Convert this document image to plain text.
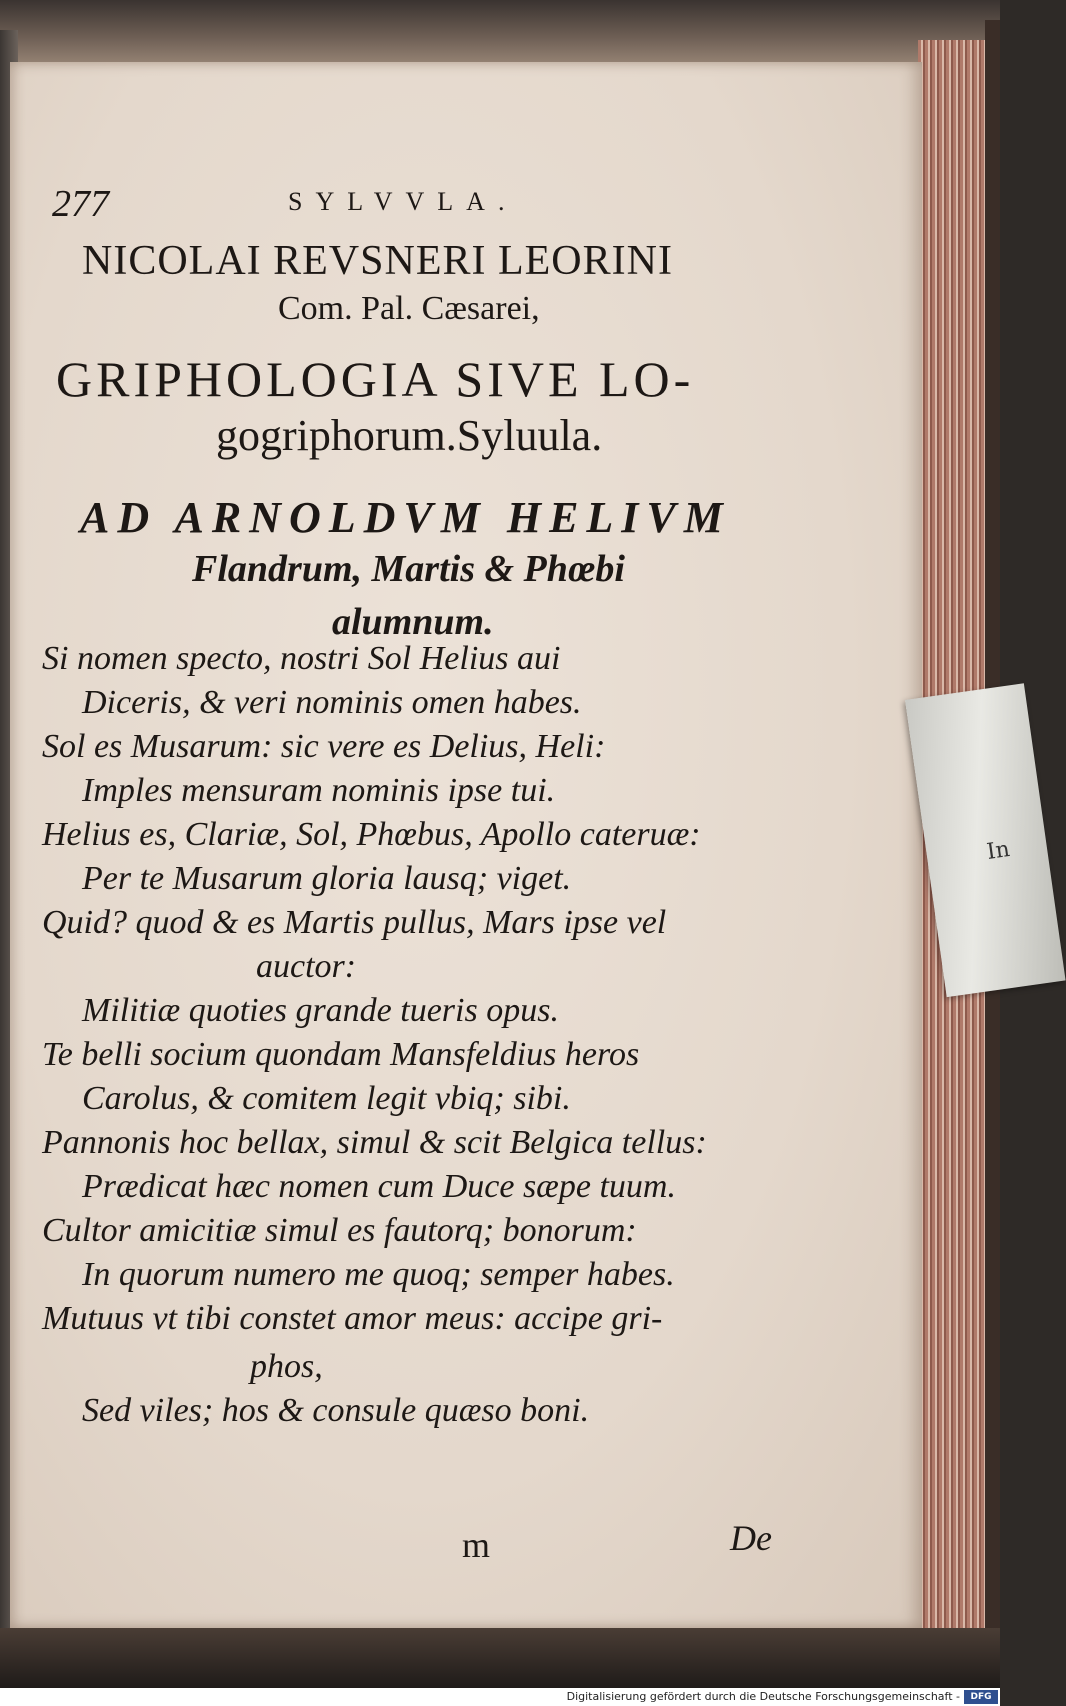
277	SYLVVLA.
NICOLAI REVSNERI LEORINI
Com. Pal. Cæsarei,
GRIPHOLOGIA SIVE LO-
gogriphorum.Syluula.
AD ARNOLDVM HELIVM
Flandrum, Martis & Phœbi
alumnum.
Si nomen specto, nostri Sol Helius aui
Diceris, & veri nominis omen habes.
Sol es Musarum: sic vere es Delius, Heli:
Imples mensuram nominis ipse tui.
Helius es, Clariæ, Sol, Phœbus, Apollo cateruæ:
Per te Musarum gloria lausq; viget.
Quid? quod & es Martis pullus, Mars ipse vel
auctor:
Militiæ quoties grande tueris opus.
Te belli socium quondam Mansfeldius heros
Carolus, & comitem legit vbiq; sibi.
Pannonis hoc bellax, simul & scit Belgica tellus:
Prædicat hæc nomen cum Duce sæpe tuum.
Cultor amicitiæ simul es fautorq; bonorum:
In quorum numero me quoq; semper habes.
Mutuus vt tibi constet amor meus: accipe gri-
phos,
Sed viles; hos & consule quæso boni.
m	De
In
Digitalisierung gefördert durch die Deutsche Forschungsgemeinschaft -	DFG
